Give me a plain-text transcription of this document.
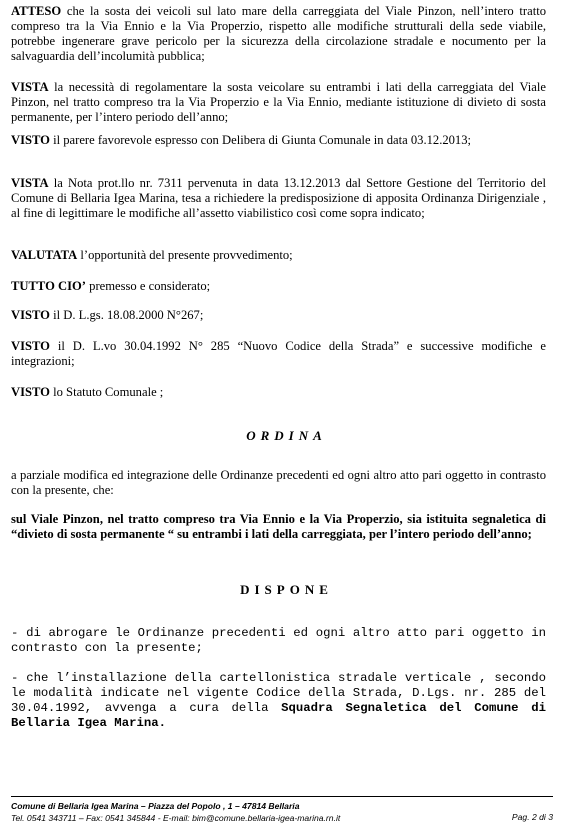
ATTESO che la sosta dei veicoli sul lato mare della carreggiata del Viale Pinzon, nell’intero tratto compreso tra la Via Ennio e la Via Properzio, rispetto alle modifiche strutturali della sede viabile, potrebbe ingenerare grave pericolo per la sicurezza della circolazione stradale e nocumento per la salvaguardia dell’incolumità pubblica;

VISTA la necessità di regolamentare la sosta veicolare su entrambi i lati della carreggiata del Viale Pinzon, nel tratto compreso tra la Via Properzio e la Via Ennio, mediante istituzione di divieto di sosta permanente, per l’intero periodo dell’anno;

VISTO il parere favorevole espresso con Delibera di Giunta Comunale in data 03.12.2013;

VISTA la Nota prot.llo nr. 7311 pervenuta in data 13.12.2013 dal Settore Gestione del Territorio del Comune di Bellaria Igea Marina, tesa a richiedere la predisposizione di apposita Ordinanza Dirigenziale , al fine di legittimare le modifiche all’assetto viabilistico così come sopra indicato;

VALUTATA l’opportunità del presente provvedimento;

TUTTO CIO’ premesso e considerato;

VISTO il D. L.gs. 18.08.2000 N°267;

VISTO il D. L.vo 30.04.1992 N° 285 “Nuovo Codice della Strada” e successive modifiche e integrazioni;

VISTO lo Statuto Comunale ;

ORDINA

a parziale modifica ed integrazione delle Ordinanze precedenti ed ogni altro atto pari oggetto in contrasto con la presente, che:

sul Viale Pinzon, nel tratto compreso tra Via Ennio e la Via Properzio, sia istituita segnaletica di “divieto di sosta permanente “ su entrambi i lati della carreggiata, per l’intero periodo dell’anno;

DISPONE

- di abrogare le Ordinanze precedenti ed ogni altro atto pari oggetto in contrasto con la presente;

- che l’installazione della cartellonistica stradale verticale , secondo le modalità indicate nel vigente Codice della Strada, D.Lgs. nr. 285 del 30.04.1992, avvenga a cura della Squadra Segnaletica del Comune di Bellaria Igea Marina.

Comune di Bellaria Igea Marina – Piazza del Popolo , 1 – 47814 Bellaria

Tel. 0541 343711 – Fax: 0541 345844 - E-mail: bim@comune.bellaria-igea-marina.rn.it	Pag. 2 di 3
